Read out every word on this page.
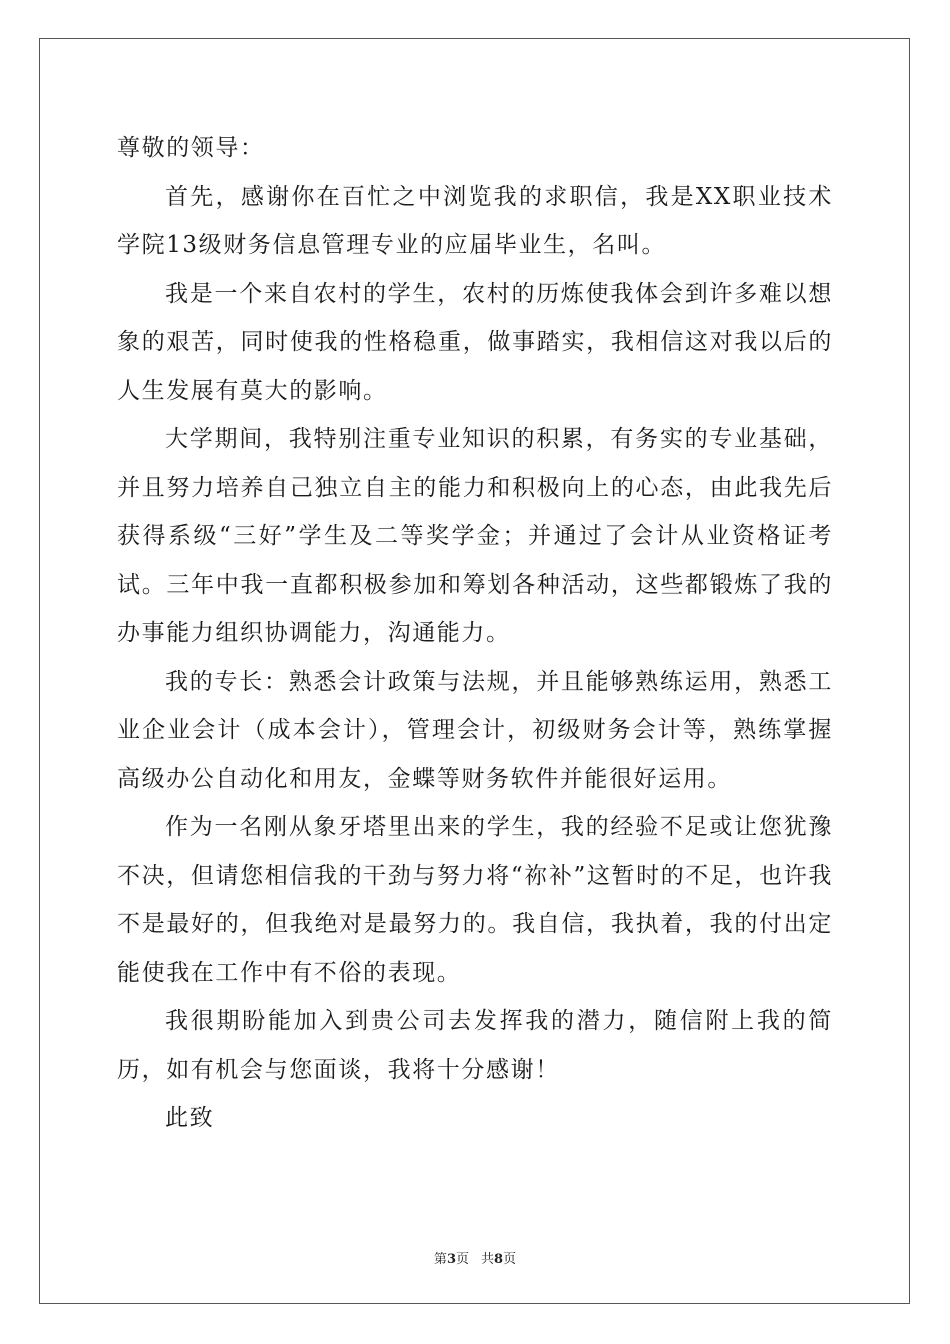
尊敬的领导：

首先，感谢你在百忙之中浏览我的求职信，我是XX职业技术学院13级财务信息管理专业的应届毕业生，名叫。

我是一个来自农村的学生，农村的历炼使我体会到许多难以想象的艰苦，同时使我的性格稳重，做事踏实，我相信这对我以后的人生发展有莫大的影响。

大学期间，我特别注重专业知识的积累，有务实的专业基础，并且努力培养自己独立自主的能力和积极向上的心态，由此我先后获得系级“三好”学生及二等奖学金；并通过了会计从业资格证考试。三年中我一直都积极参加和筹划各种活动，这些都锻炼了我的办事能力组织协调能力，沟通能力。

我的专长：熟悉会计政策与法规，并且能够熟练运用，熟悉工业企业会计（成本会计），管理会计，初级财务会计等，熟练掌握高级办公自动化和用友，金蝶等财务软件并能很好运用。

作为一名刚从象牙塔里出来的学生，我的经验不足或让您犹豫不决，但请您相信我的干劲与努力将“祢补”这暂时的不足，也许我不是最好的，但我绝对是最努力的。我自信，我执着，我的付出定能使我在工作中有不俗的表现。

我很期盼能加入到贵公司去发挥我的潜力，随信附上我的简历，如有机会与您面谈，我将十分感谢！

此致

第3页 共8页
